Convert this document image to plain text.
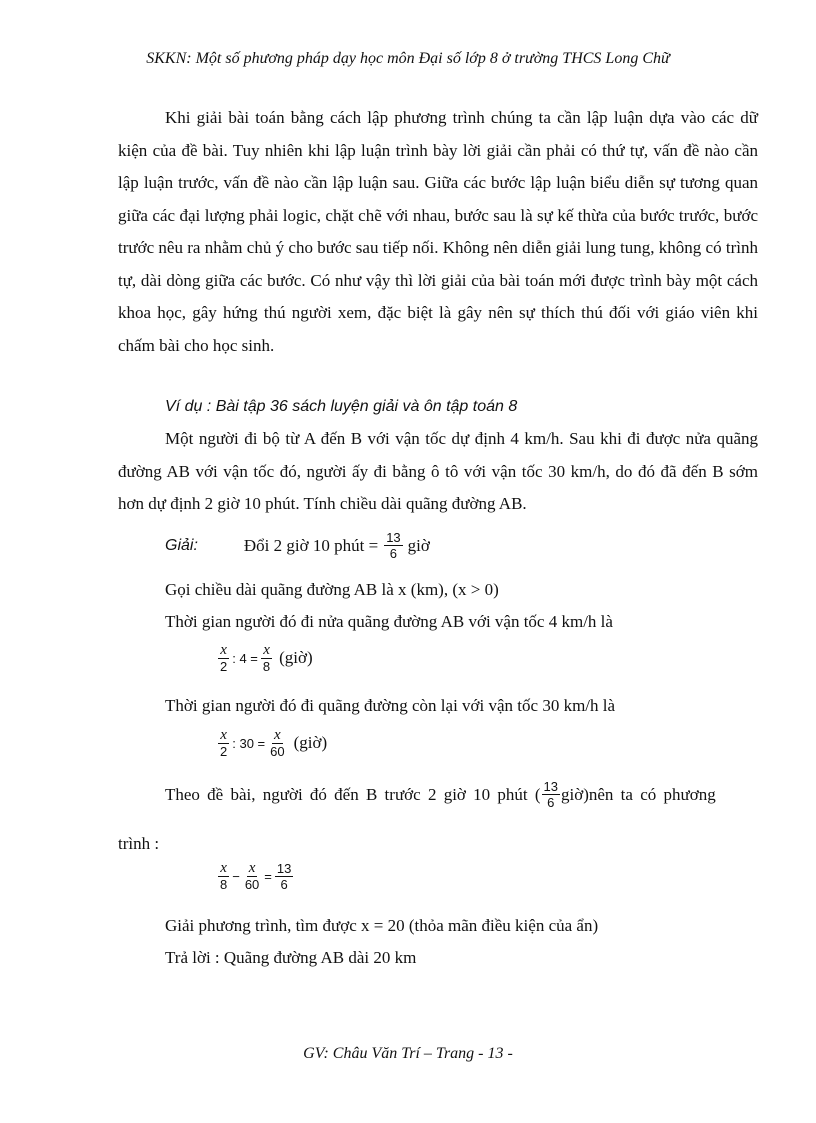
SKKN: Một số phương pháp dạy học môn Đại số lớp 8 ở trường THCS Long Chữ
Khi giải bài toán bằng cách lập phương trình chúng ta cần lập luận dựa vào các dữ kiện của đề bài. Tuy nhiên khi lập luận trình bày lời giải cần phải có thứ tự, vấn đề nào cần lập luận trước, vấn đề nào cần lập luận sau. Giữa các bước lập luận biểu diễn sự tương quan giữa các đại lượng phải logic, chặt chẽ với nhau, bước sau là sự kế thừa của bước trước, bước trước nêu ra nhằm chủ ý cho bước sau tiếp nối. Không nên diễn giải lung tung, không có trình tự, dài dòng giữa các bước. Có như vậy thì lời giải của bài toán mới được trình bày một cách khoa học, gây hứng thú người xem, đặc biệt là gây nên sự thích thú đối với giáo viên khi chấm bài cho học sinh.
Ví dụ : Bài tập 36 sách luyện giải và ôn tập toán 8
Một người đi bộ từ A đến B với vận tốc dự định 4 km/h. Sau khi đi được nửa quãng đường AB với vận tốc đó, người ấy đi bằng ô tô với vận tốc 30 km/h, do đó đã đến B sớm hơn dự định 2 giờ 10 phút. Tính chiều dài quãng đường AB.
Giải:	Đổi 2 giờ 10 phút = $\frac{13}{6}$ giờ
Gọi chiều dài quãng đường AB là x (km), (x > 0)
Thời gian người đó đi nửa quãng đường AB với vận tốc 4 km/h là
$\frac{x}{2}$ : $4 = \frac{x}{8}$ (giờ)
Thời gian người đó đi quãng đường còn lại với vận tốc 30 km/h là
$\frac{x}{2}$ : $30 = \frac{x}{60}$ (giờ)
Theo đề bài, người đó đến B trước 2 giờ 10 phút ( $\frac{13}{6}$ giờ)nên ta có phương
trình :
$\frac{x}{8} - \frac{x}{60} = \frac{13}{6}$
Giải phương trình, tìm được x = 20 (thỏa mãn điều kiện của ẩn)
Trả lời : Quãng đường AB dài 20 km
GV: Châu Văn Trí – Trang - 13 -
